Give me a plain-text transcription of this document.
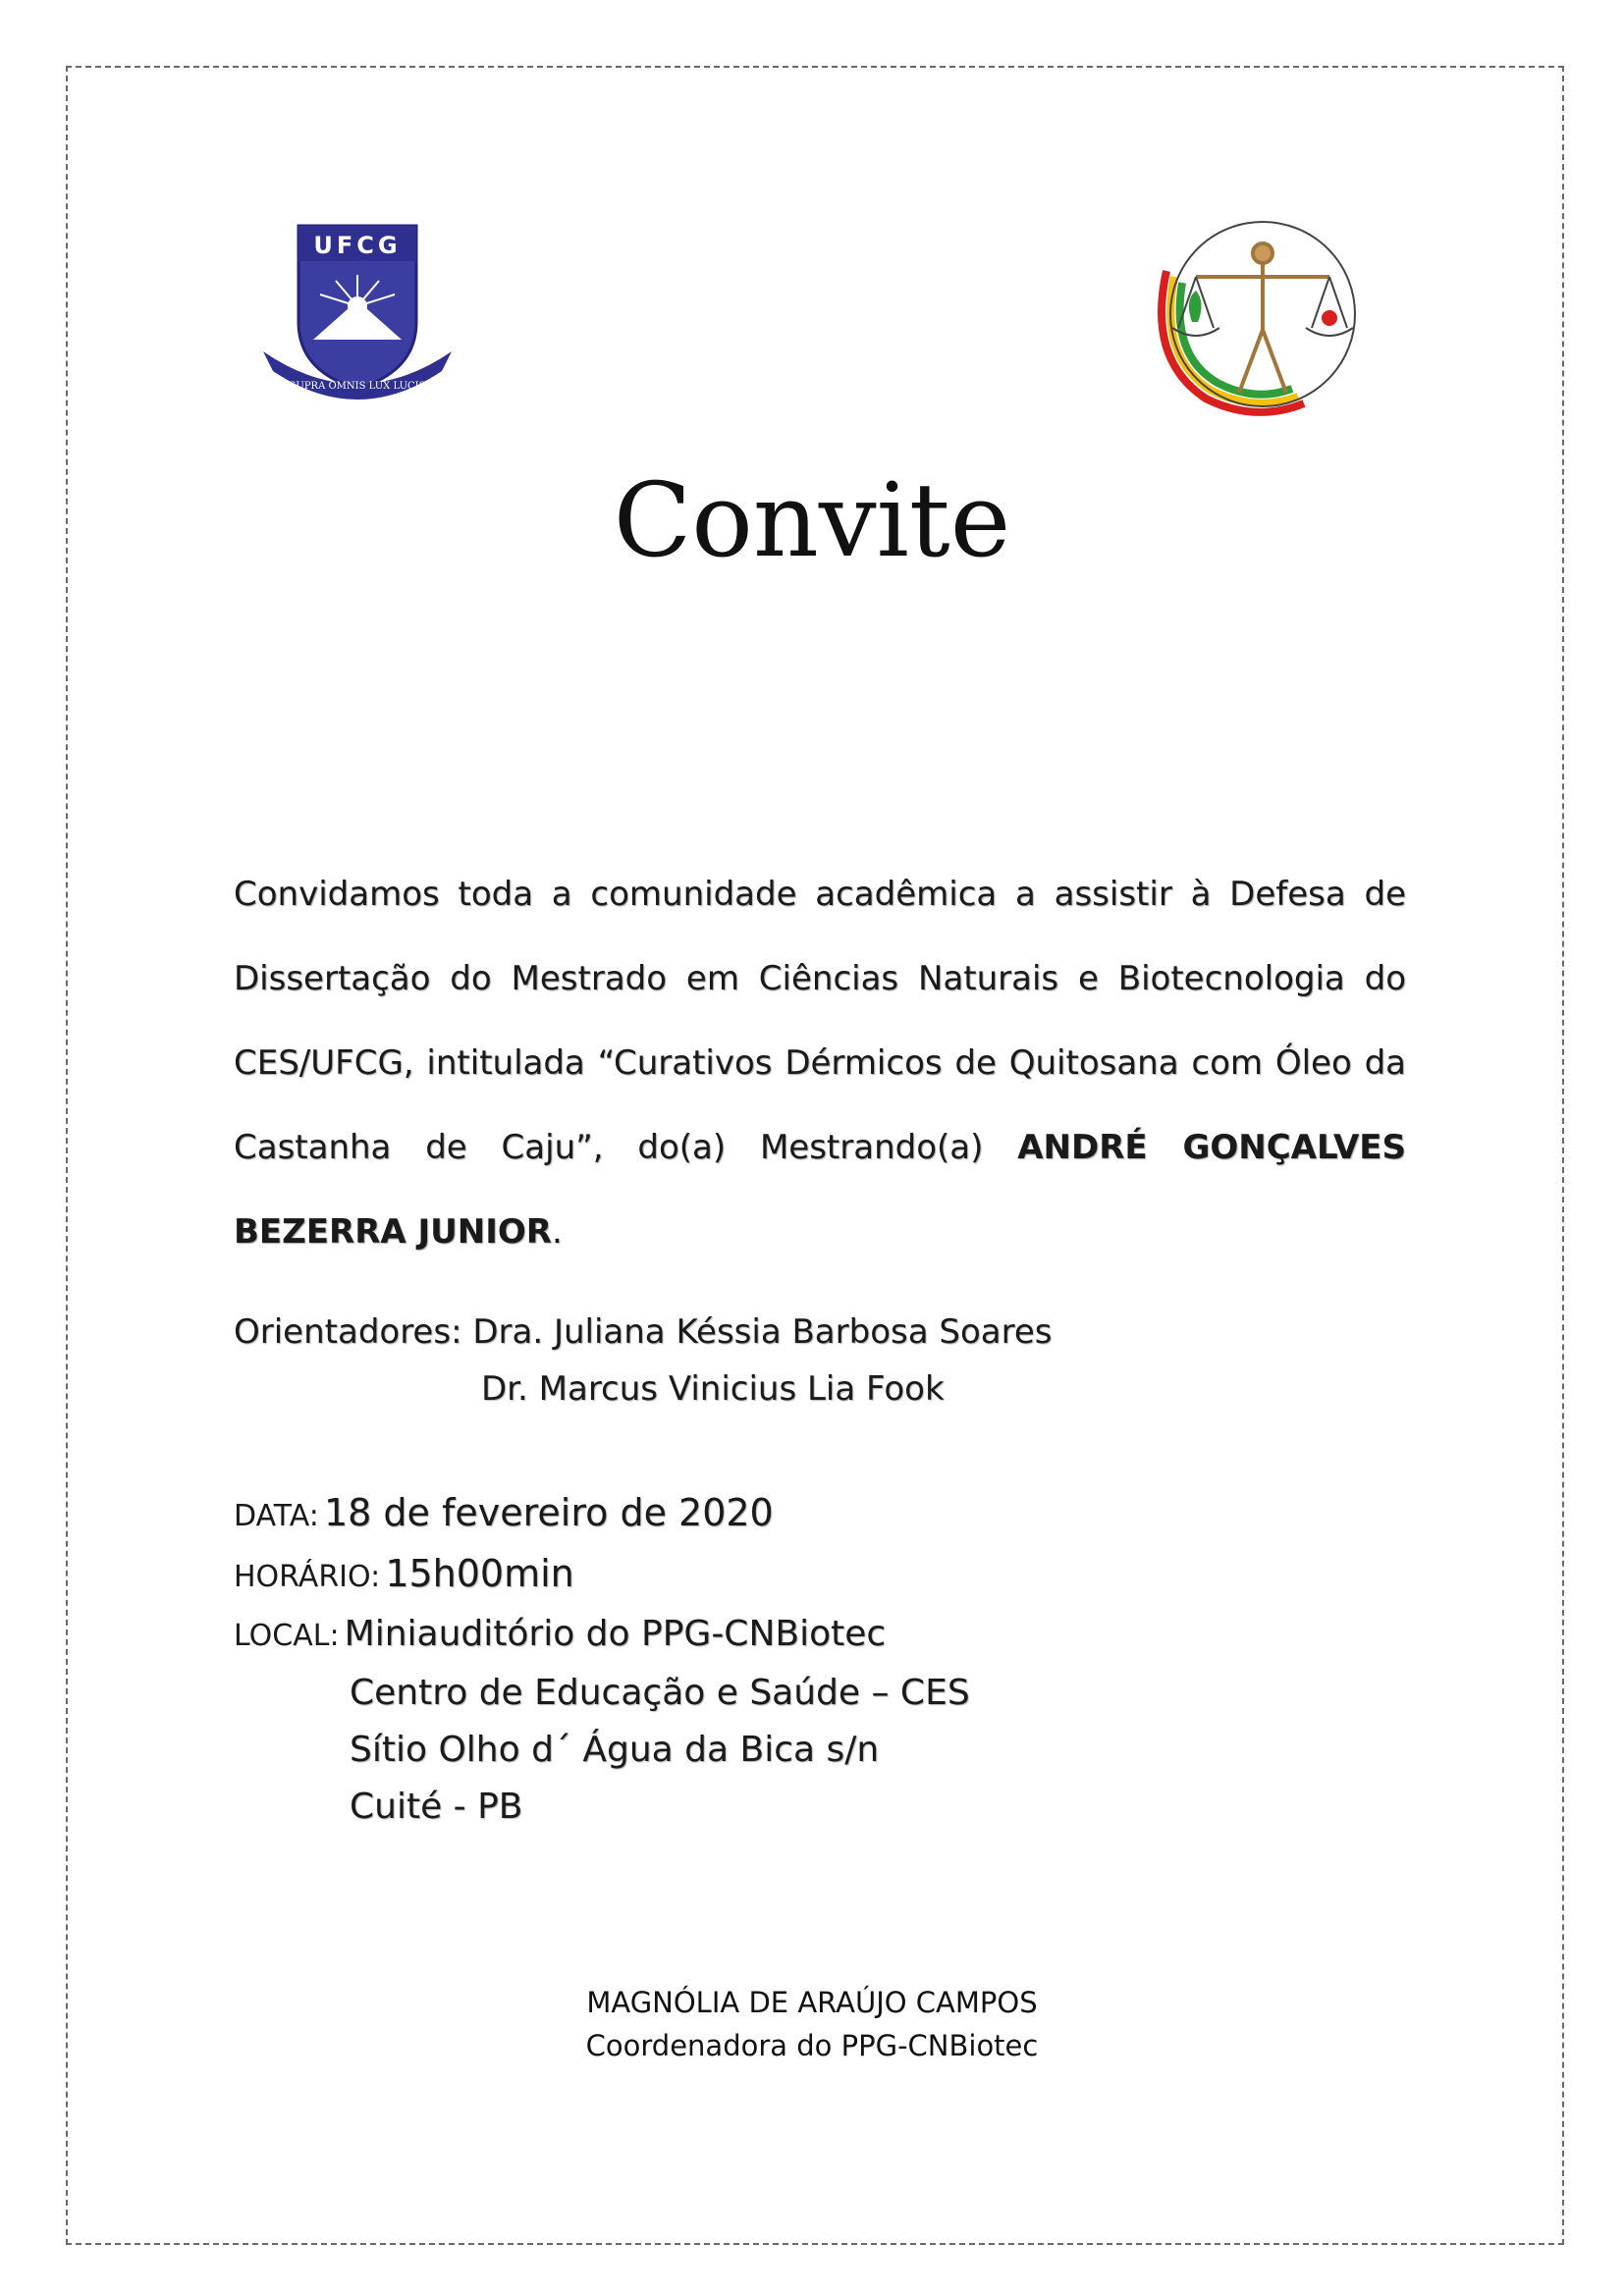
UFCG
SUPRA OMNIS LUX LUCIS
Convite
Convidamos toda a comunidade acadêmica a assistir à Defesa de Dissertação do Mestrado em Ciências Naturais e Biotecnologia do CES/UFCG, intitulada “Curativos Dérmicos de Quitosana com Óleo da Castanha de Caju”, do(a) Mestrando(a) ANDRÉ GONÇALVES BEZERRA JUNIOR.
Orientadores: Dra. Juliana Késsia Barbosa Soares
Dr. Marcus Vinicius Lia Fook
DATA: 18 de fevereiro de 2020
HORÁRIO: 15h00min
LOCAL: Miniauditório do PPG-CNBiotec
Centro de Educação e Saúde – CES
Sítio Olho d´ Água da Bica s/n
Cuité - PB
MAGNÓLIA DE ARAÚJO CAMPOS
Coordenadora do PPG-CNBiotec
